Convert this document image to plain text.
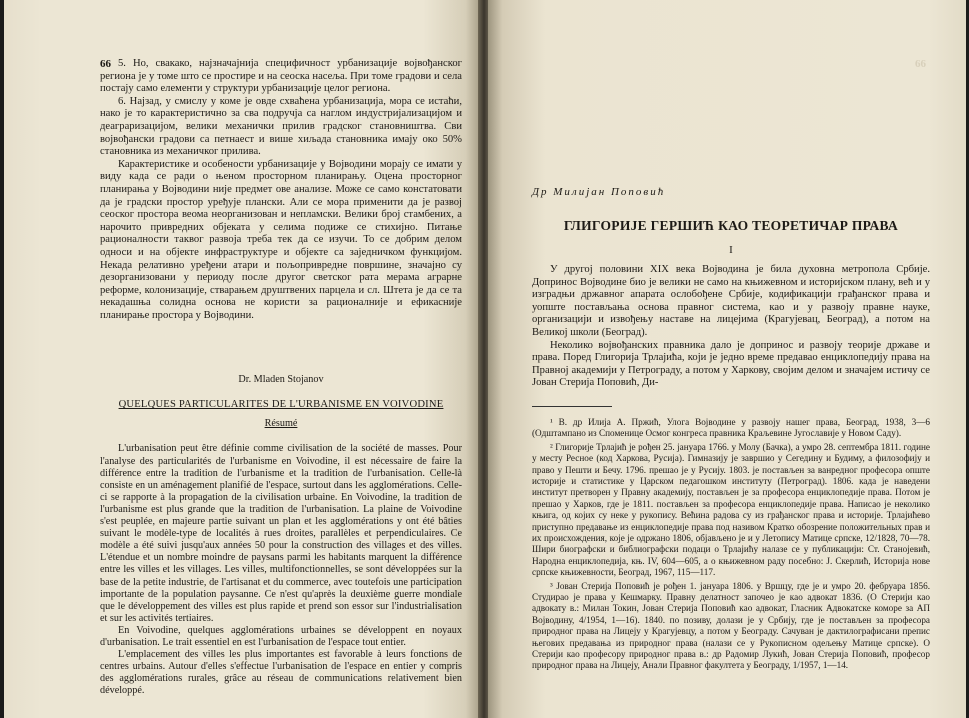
66 5. Но, свакако, најзначајнија специфичност урбанизације војвођанског региона је у томе што се простире и на сеоска насеља. При томе градови и села постају само елементи у структури урбанизације целог региона.

6. Најзад, у смислу у коме је овде схваћена урбанизација, мора се истаћи, нако је то карактеристично за сва подручја са наглом индустријализацијом и деаграризацијом, велики механички прилив градског становништва. Сви војвођански градови са петнаест и више хиљада становника имају око 50% становника из механичког прилива.

Карактеристике и особености урбанизације у Војводини морају се имати у виду када се ради о њеном просторном планирању. Оцена просторног планирања у Војводини није предмет ове анализе. Може се само констатовати да је градски простор уређује плански. Али се мора применити да је развој сеоског простора веома неорганизован и непламски. Велики број стамбених, а нарочито привредних објеката у селима подиже се стихијно. Питање рационалности таквог развоја треба тек да се изучи. То се добрим делом односи и на објекте инфраструктуре и објекте са заједничком функцијом. Некада релативно уређени атари и пољопривредне површине, значајно су дезорганизовани у периоду после другог светског рата мерама аграрне реформе, колонизације, стварањем друштвених парцела и сл. Штета је да се та некадашња солидна основа не користи за рационалније и ефикасније планирање простора у Војводини.

Dr. Mladen Stojanov
QUELQUES PARTICULARITES DE L'URBANISME EN VOIVODINE
Résumé

L'urbanisation peut être définie comme civilisation de la société de masses. Pour l'analyse des particularités de l'urbanisme en Voivodine, il est nécessaire de faire la différence entre la tradition de l'urbanisme et la tradition de l'urbanisation. Celle-là consiste en un aménagement planifié de l'espace, surtout dans les agglomérations. Celle-ci se rapporte à la propagation de la civilisation urbaine. En Voivodine, la tradition de l'urbanisme est plus grande que la tradition de l'urbanisation. La plaine de Voivodine s'est peuplée, en majeure partie suivant un plan et les agglomérations y ont été bâties suivant le modèle-type de localités à rues droites, parallèles et perpendiculaires. Ce modèle a été suivi jusqu'aux années 50 pour la construction des villages et des villes. L'étendue et un nombre moindre de paysans parmi les habitants marquent la différence entre les villes et les villages. Les villes, multifonctionnelles, se sont développées sur la base de la petite industrie, de l'artisanat et du commerce, avec toutefois une participation importante de la population paysanne. Ce n'est qu'après la deuxième guerre mondiale que le développement des villes est plus rapide et prend son essor sur l'industrialisation et sur les activités tertiaires.

En Voivodine, quelques agglomérations urbaines se développent en noyaux d'urbanisation. Le trait essentiel en est l'urbanisation de l'espace tout entier.

L'emplacement des villes les plus importantes est favorable à leurs fonctions de centres urbains. Autour d'elles s'effectue l'urbanisation de l'espace en entier y compris des agglomérations rurales, grâce au réseau de communications relativement bien développé.

66
Др Милијан Поповић
ГЛИГОРИЈЕ ГЕРШИЋ КАО ТЕОРЕТИЧАР ПРАВА
I

У другој половини XIX века Војводина је била духовна метропола Србије. Допринос Војводине био је велики не само на књижевном и историјском плану, већ и у изградњи државног апарата ослобођене Србије, кодификацији грађанског права и уопште постављања основа правног система, као и у развоју правне науке, организацији и извођењу наставе на лицејима (Крагујевац, Београд), а потом на Великој школи (Београд).

Неколико војвођанских правника дало је допринос и развоју теорије државе и права. Поред Глигорија Трлајића, који је једно време предавао енциклопедију права на Правној академији у Петрограду, а потом у Харкову, својим делом и значајем истичу се Јован Стерија Поповић, Ди-

¹ В. др Илија А. Пржић, Улога Војводине у развоју нашег права, Београд, 1938, 3—6 (Одштампано из Споменице Осмог конгреса правника Краљевине Југославије у Новом Саду).

² Глигорије Трлајић је рођен 25. јануара 1766. у Молу (Бачка), а умро 28. септембра 1811. године у месту Ресное (код Харкова, Русија). Гимназију је завршио у Сегедину и Будиму, а филозофију и право у Пешти и Бечу. 1796. прешао је у Русију. 1803. је постављен за ванредног професора опште историје и статистике у Царском педагошком институту (Петроград). 1806. када је наведени институт претворен у Правну академију, постављен је за професора енциклопедије права. Потом је прешао у Харков, где је 1811. постављен за професора енциклопедије права. Написао је неколико књига, од којих су неке у рукопису. Већина радова су из грађанског права и историје. Трлајићево приступно предавање из енциклопедије права под називом Кратко обозрение положительных прав и их происхождения, које је одржано 1806, објављено је и у Летопису Матице српске, 12/1828, 70—78. Шири биографски и библиографски подаци о Трлајићу налазе се у публикацији: Ст. Станојевић, Народна енциклопедија, књ. IV, 604—605, а о књижевном раду посебно: Ј. Скерлић, Историја нове српске књижевности, Београд, 1967, 115—117.

³ Јован Стерија Поповић је рођен 1. јануара 1806. у Вршцу, где је и умро 20. фебруара 1856. Студирао је права у Кешмарку. Правну делатност започео је као адвокат 1836. (О Стерији као адвокату в.: Милан Токин, Јован Стерија Поповић као адвокат, Гласник Адвокатске коморе за АП Војводину, 4/1954, 1—16). 1840. по позиву, долази је у Србију, где је постављен за професора природног права на Лицеју у Крагујевцу, а потом у Београду. Сачуван је дактилографисани препис његових предавања из природног права (налази се у Рукописном одељењу Матице српске). О Стерији као професору природног права в.: др Радомир Лукић, Јован Стерија Поповић, професор природног права на Лицеју, Анали Правног факултета у Београду, 1/1957, 1—14.
